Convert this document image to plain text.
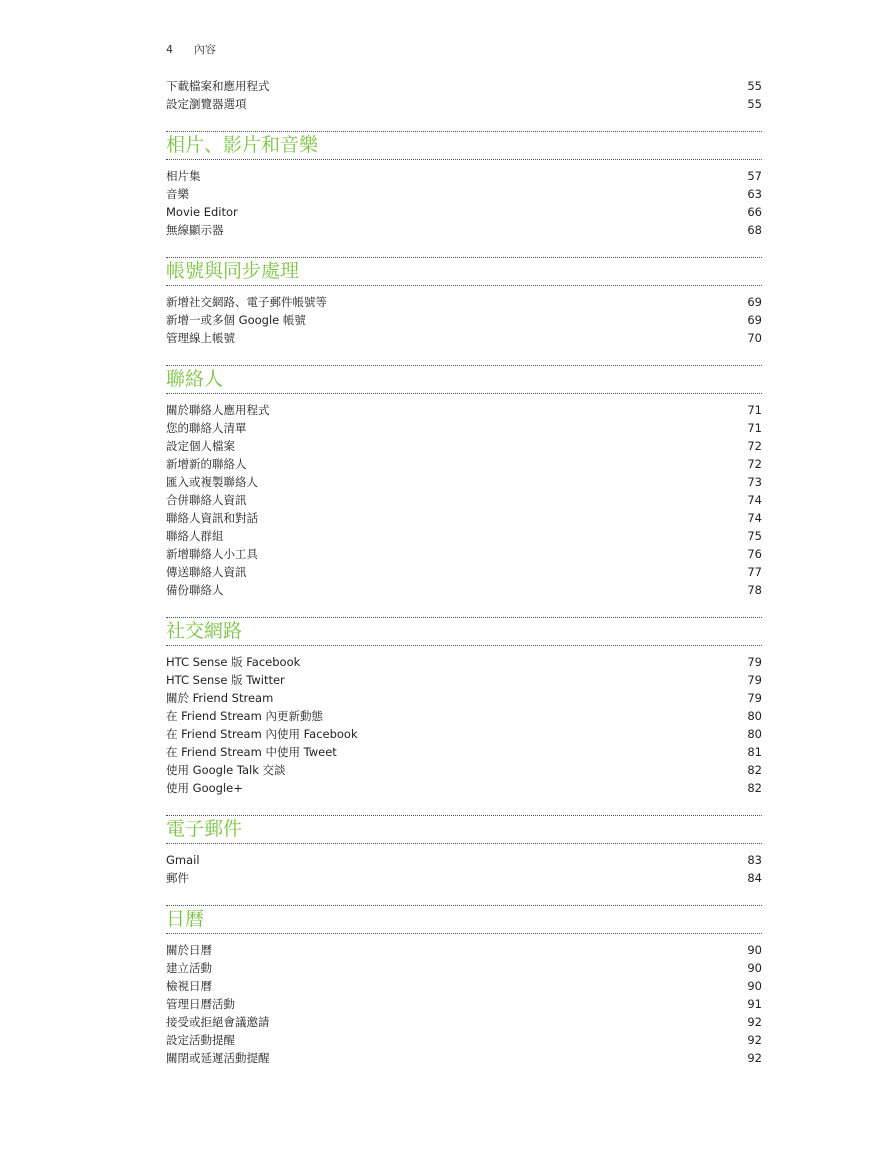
4 內容
下載檔案和應用程式	55
設定瀏覽器選項	55
相片、影片和音樂
相片集	57
音樂	63
Movie Editor	66
無線顯示器	68
帳號與同步處理
新增社交網路、電子郵件帳號等	69
新增一或多個 Google 帳號	69
管理線上帳號	70
聯絡人
關於聯絡人應用程式	71
您的聯絡人清單	71
設定個人檔案	72
新增新的聯絡人	72
匯入或複製聯絡人	73
合併聯絡人資訊	74
聯絡人資訊和對話	74
聯絡人群組	75
新增聯絡人小工具	76
傳送聯絡人資訊	77
備份聯絡人	78
社交網路
HTC Sense 版 Facebook	79
HTC Sense 版 Twitter	79
關於 Friend Stream	79
在 Friend Stream 內更新動態	80
在 Friend Stream 內使用 Facebook	80
在 Friend Stream 中使用 Tweet	81
使用 Google Talk 交談	82
使用 Google+	82
電子郵件
Gmail	83
郵件	84
日曆
關於日曆	90
建立活動	90
檢視日曆	90
管理日曆活動	91
接受或拒絕會議邀請	92
設定活動提醒	92
關閉或延遲活動提醒	92
